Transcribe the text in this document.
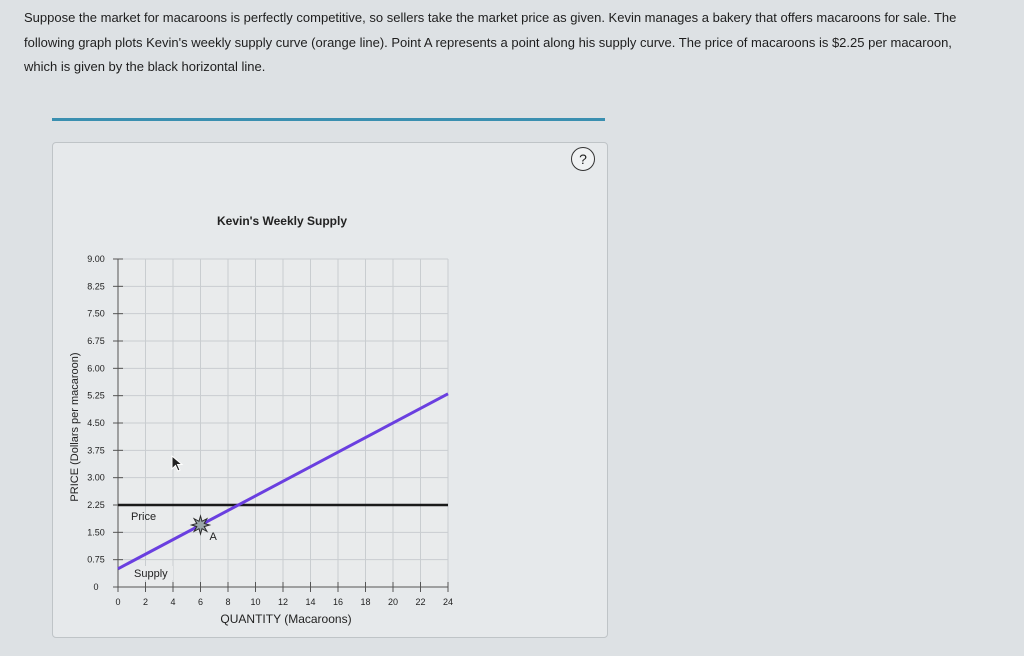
Suppose the market for macaroons is perfectly competitive, so sellers take the market price as given. Kevin manages a bakery that offers macaroons for sale. The following graph plots Kevin's weekly supply curve (orange line). Point A represents a point along his supply curve. The price of macaroons is $2.25 per macaroon, which is given by the black horizontal line.
?
0 2 4 6 8 10 12 14 16 18 20 22 24
0
0.75
1.50
2.25
3.00
3.75
4.50
5.25
6.00
6.75
7.50
8.25
9.00
Kevin's Weekly Supply
QUANTITY (Macaroons)
PRICE (Dollars per macaroon)
Price
Supply
A
